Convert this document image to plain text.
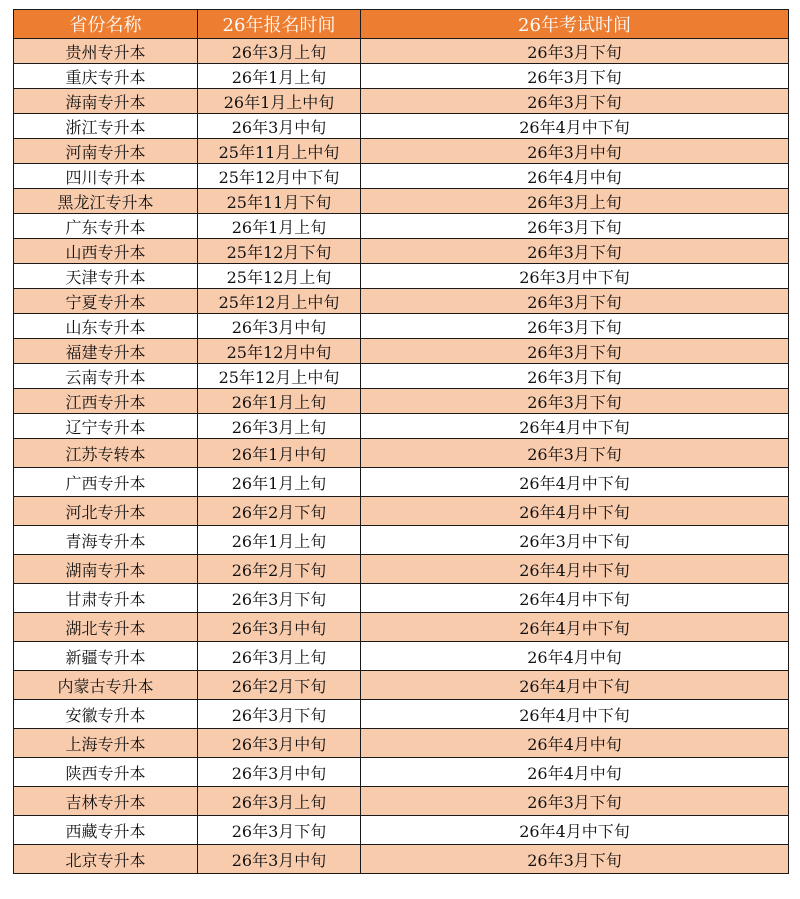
省份名称	26年报名时间	26年考试时间
贵州专升本	26年3月上旬	26年3月下旬
重庆专升本	26年1月上旬	26年3月下旬
海南专升本	26年1月上中旬	26年3月下旬
浙江专升本	26年3月中旬	26年4月中下旬
河南专升本	25年11月上中旬	26年3月中旬
四川专升本	25年12月中下旬	26年4月中旬
黑龙江专升本	25年11月下旬	26年3月上旬
广东专升本	26年1月上旬	26年3月下旬
山西专升本	25年12月下旬	26年3月下旬
天津专升本	25年12月上旬	26年3月中下旬
宁夏专升本	25年12月上中旬	26年3月下旬
山东专升本	26年3月中旬	26年3月下旬
福建专升本	25年12月中旬	26年3月下旬
云南专升本	25年12月上中旬	26年3月下旬
江西专升本	26年1月上旬	26年3月下旬
辽宁专升本	26年3月上旬	26年4月中下旬
江苏专转本	26年1月中旬	26年3月下旬
广西专升本	26年1月上旬	26年4月中下旬
河北专升本	26年2月下旬	26年4月中下旬
青海专升本	26年1月上旬	26年3月中下旬
湖南专升本	26年2月下旬	26年4月中下旬
甘肃专升本	26年3月下旬	26年4月中下旬
湖北专升本	26年3月中旬	26年4月中下旬
新疆专升本	26年3月上旬	26年4月中旬
内蒙古专升本	26年2月下旬	26年4月中下旬
安徽专升本	26年3月下旬	26年4月中下旬
上海专升本	26年3月中旬	26年4月中旬
陕西专升本	26年3月中旬	26年4月中旬
吉林专升本	26年3月上旬	26年3月下旬
西藏专升本	26年3月下旬	26年4月中下旬
北京专升本	26年3月中旬	26年3月下旬
